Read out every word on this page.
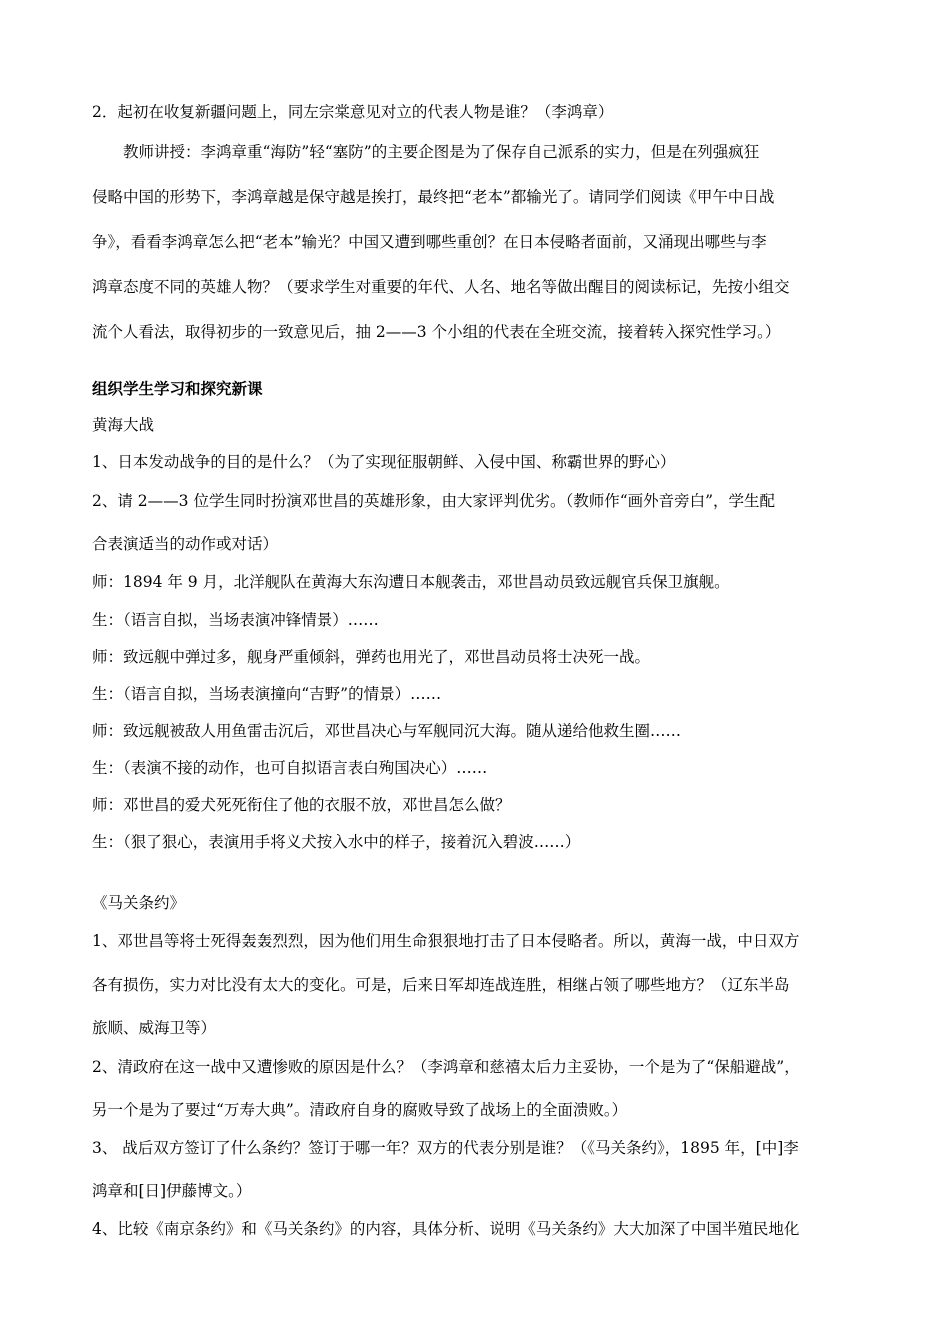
2．起初在收复新疆问题上，同左宗棠意见对立的代表人物是谁？（李鸿章）
教师讲授：李鸿章重“海防”轻“塞防”的主要企图是为了保存自己派系的实力，但是在列强疯狂
侵略中国的形势下，李鸿章越是保守越是挨打，最终把“老本”都输光了。请同学们阅读《甲午中日战
争》，看看李鸿章怎么把“老本”输光？中国又遭到哪些重创？在日本侵略者面前，又涌现出哪些与李
鸿章态度不同的英雄人物？（要求学生对重要的年代、人名、地名等做出醒目的阅读标记，先按小组交
流个人看法，取得初步的一致意见后，抽 2——3 个小组的代表在全班交流，接着转入探究性学习。）
组织学生学习和探究新课
黄海大战
1、日本发动战争的目的是什么？（为了实现征服朝鲜、入侵中国、称霸世界的野心）
2、请 2——3 位学生同时扮演邓世昌的英雄形象，由大家评判优劣。（教师作“画外音旁白”，学生配
合表演适当的动作或对话）
师：1894 年 9 月，北洋舰队在黄海大东沟遭日本舰袭击，邓世昌动员致远舰官兵保卫旗舰。
生：（语言自拟，当场表演冲锋情景）……
师：致远舰中弹过多，舰身严重倾斜，弹药也用光了，邓世昌动员将士决死一战。
生：（语言自拟，当场表演撞向“吉野”的情景）……
师：致远舰被敌人用鱼雷击沉后，邓世昌决心与军舰同沉大海。随从递给他救生圈……
生：（表演不接的动作，也可自拟语言表白殉国决心）……
师：邓世昌的爱犬死死衔住了他的衣服不放，邓世昌怎么做？
生：（狠了狠心，表演用手将义犬按入水中的样子，接着沉入碧波……）
《马关条约》
1、邓世昌等将士死得轰轰烈烈，因为他们用生命狠狠地打击了日本侵略者。所以，黄海一战，中日双方
各有损伤，实力对比没有太大的变化。可是，后来日军却连战连胜，相继占领了哪些地方？（辽东半岛
旅顺、威海卫等）
2、清政府在这一战中又遭惨败的原因是什么？（李鸿章和慈禧太后力主妥协，一个是为了“保船避战”，
另一个是为了要过“万寿大典”。清政府自身的腐败导致了战场上的全面溃败。）
3、 战后双方签订了什么条约？签订于哪一年？双方的代表分别是谁？（《马关条约》，1895 年，[中]李
鸿章和[日]伊藤博文。）
4、比较《南京条约》和《马关条约》的内容，具体分析、说明《马关条约》大大加深了中国半殖民地化
